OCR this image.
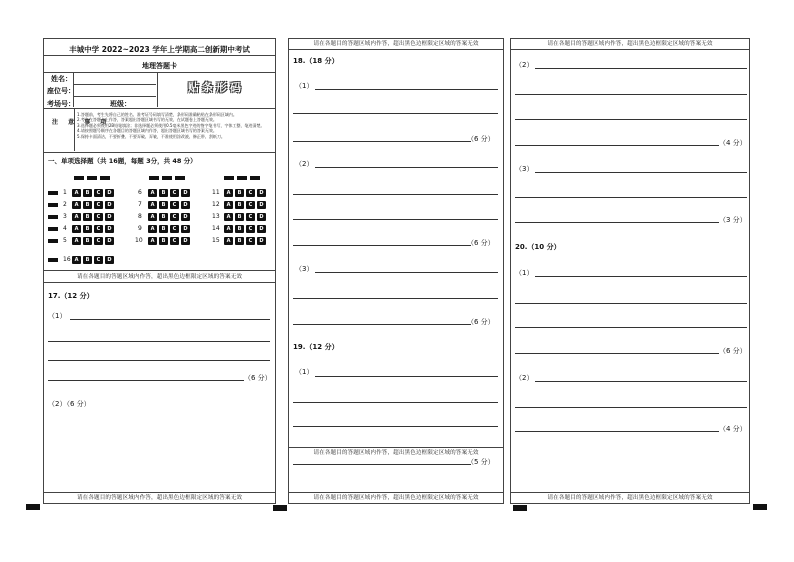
丰城中学 2022~2023 学年上学期高二创新期中考试
地理答题卡
姓名：
座位号：
考场号：	班级：
贴条形码
注 意 事 项
1.答题前，考生先将自己的姓名、准考证号码填写清楚，条形码准确粘贴在条形码区域内。
2.考生在答题卡上作答，答案超出答题区域书写的无效，在试题卷上答题无效。
3.选择题必须使用2B铅笔填涂；非选择题必须使用0.5毫米黑色字迹的签字笔书写，字体工整、笔迹清楚。
4.请按照题号顺序在各题目的答题区域内作答，超出答题区域书写的答案无效。
5.保持卡面清洁，不要折叠、不要弄破、弄皱，不准使用涂改液、修正带、刮纸刀。
一、单项选择题（共 16题，每题 3分，共 48 分）
1	A	B	C	D
2	A	B	C	D
3	A	B	C	D
4	A	B	C	D
5	A	B	C	D
6	A	B	C	D
7	A	B	C	D
8	A	B	C	D
9	A	B	C	D
10	A	B	C	D
11	A	B	C	D
12	A	B	C	D
13	A	B	C	D
14	A	B	C	D
15	A	B	C	D
16 A	B	C	D
请在各题目的答题区域内作答，超出黑色边框限定区域的答案无效
17.（12 分）
（1）
（6 分）
（2）（6 分）
请在各题目的答题区域内作答，超出黑色边框限定区域的答案无效
请在各题目的答题区域内作答，超出黑色边框限定区域的答案无效
18.（18 分）
（1）
（6 分）
（2）
（6 分）
（3）
（6 分）
19.（12 分）
（1）
（5 分）
请在各题目的答题区域内作答，超出黑色边框限定区域的答案无效
请在各题目的答题区域内作答，超出黑色边框限定区域的答案无效
请在各题目的答题区域内作答，超出黑色边框限定区域的答案无效
（2）
（4 分）
（3）
（3 分）
20.（10 分）
（1）
（6 分）
（2）
（4 分）
请在各题目的答题区域内作答，超出黑色边框限定区域的答案无效
